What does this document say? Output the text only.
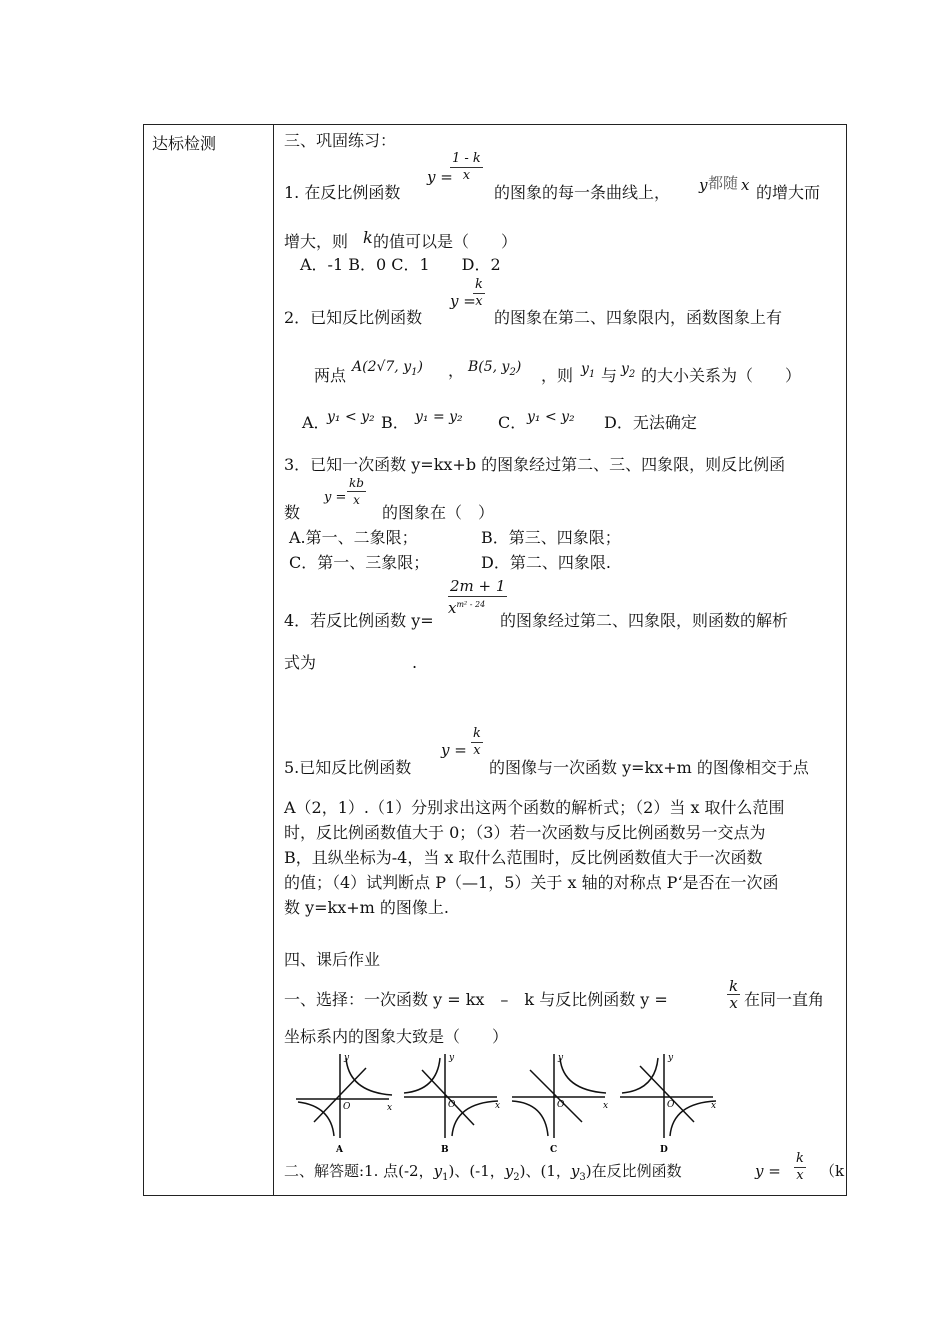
达标检测	三、巩固练习：
1. 在反比例函数
y =
$\frac{1 - k}{x}$
的图象的每一条曲线上， y 都随 x 的增大而
增大，则 k 的值可以是（　　）
A．-1 B．0 C．1　　D．2
2．已知反比例函数
y =
$\frac{k}{x}$
的图象在第二、四象限内，函数图象上有
两点 A(2√7, $y_1$) ， B(5, $y_2$) ，则 $y_1$ 与 $y_2$ 的大小关系为（　　）
A．
y₁ < y₂ B． y₁ = y₂ C． y₁ < y₂ D．无法确定
3．已知一次函数 y=kx+b 的图象经过第二、三、四象限，则反比例函
数
$y = \frac{kb}{x}$
的图象在（　）
A.第一、二象限；	B．第三、四象限；
C．第一、三象限；	D．第二、四象限.
4．若反比例函数 y=
$\frac{2m + 1}{x^{m^2 - 24}}$
的图象经过第二、四象限，则函数的解析
式为　　　　　　.
5.已知反比例函数
$y = \frac{k}{x}$
的图像与一次函数 y=kx+m 的图像相交于点
A（2，1）.（1）分别求出这两个函数的解析式；（2）当 x 取什么范围
时，反比例函数值大于 0；（3）若一次函数与反比例函数另一交点为
B，且纵坐标为-4，当 x 取什么范围时，反比例函数值大于一次函数
的值；（4）试判断点 P（—1，5）关于 x 轴的对称点 P‘是否在一次函
数 y=kx+m 的图像上.
四、课后作业
一、选择：一次函数 y = kx　–　k 与反比例函数 y =	$\frac{k}{x}$ 在同一直角
坐标系内的图象大致是（　　）
y
x
O
A
y
x
O
B
y
x
O
C
y
x
O
D
二、解答题:1. 点(-2，$y_1$)、(-1，$y_2$)、(1，$y_3$)在反比例函数	$y = \frac{k}{x} (k$
